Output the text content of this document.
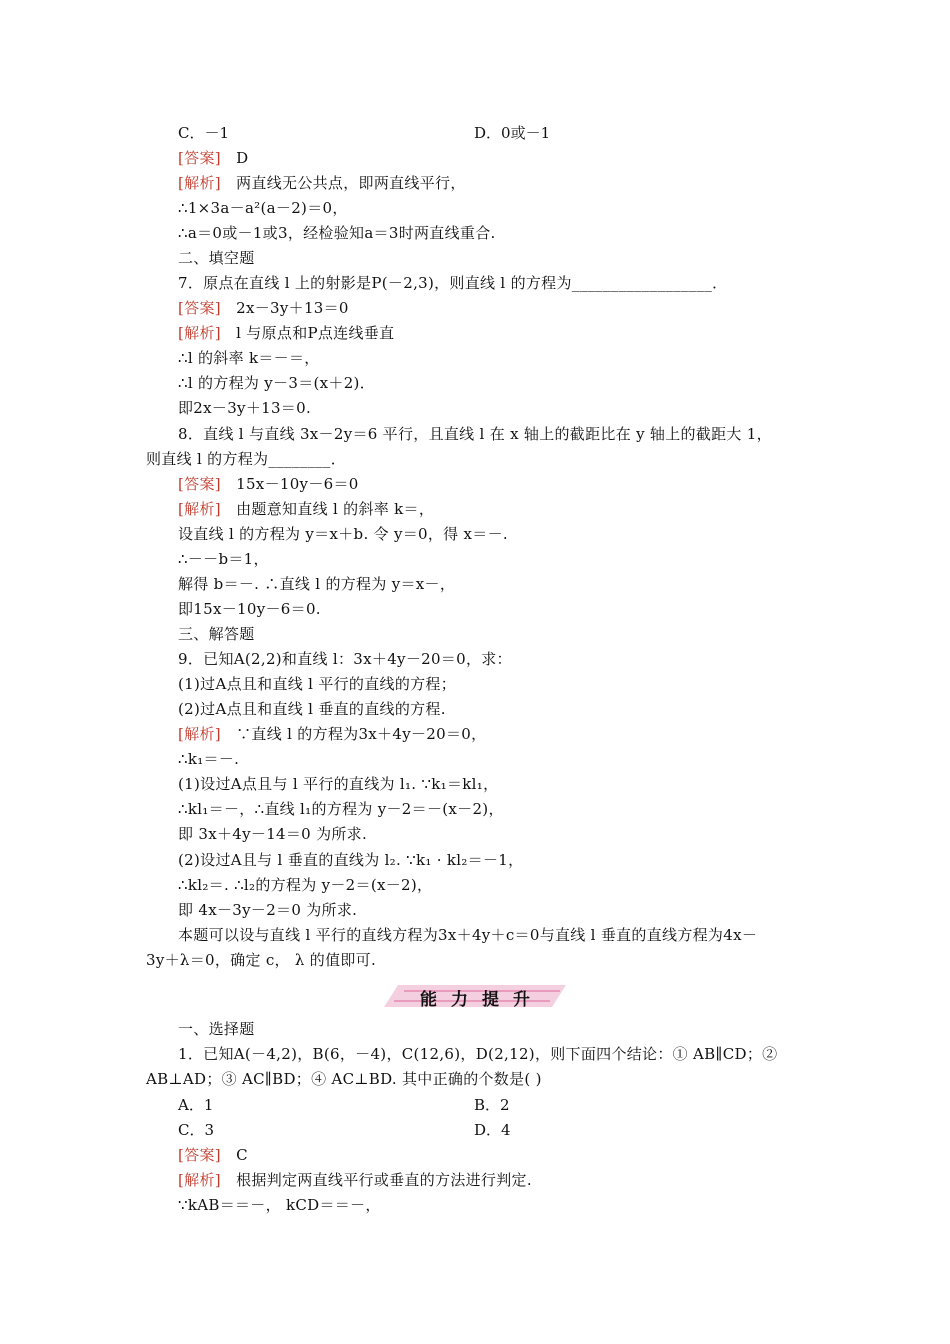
C．－1	D．0或－1
[答案] D
[解析] 两直线无公共点，即两直线平行，
∴1×3a－a²(a－2)＝0，
∴a＝0或－1或3，经检验知a＝3时两直线重合.
二、填空题
7．原点在直线 l 上的射影是P(－2,3)，则直线 l 的方程为__________________．
[答案] 2x－3y＋13＝0
[解析] l 与原点和P点连线垂直
∴l 的斜率 k＝－＝，
∴l 的方程为 y－3＝(x＋2)．
即2x－3y＋13＝0.
8．直线 l 与直线 3x－2y＝6 平行，且直线 l 在 x 轴上的截距比在 y 轴上的截距大 1，
则直线 l 的方程为________．
[答案] 15x－10y－6＝0
[解析] 由题意知直线 l 的斜率 k＝，
设直线 l 的方程为 y＝x＋b. 令 y＝0，得 x＝－.
∴－－b＝1，
解得 b＝－. ∴直线 l 的方程为 y＝x－，
即15x－10y－6＝0.
三、解答题
9．已知A(2,2)和直线 l：3x＋4y－20＝0，求：
(1)过A点且和直线 l 平行的直线的方程；
(2)过A点且和直线 l 垂直的直线的方程.
[解析] ∵直线 l 的方程为3x＋4y－20＝0，
∴k₁＝－.
(1)设过A点且与 l 平行的直线为 l₁. ∵k₁＝kl₁，
∴kl₁＝－，∴直线 l₁的方程为 y－2＝－(x－2)，
即 3x＋4y－14＝0 为所求.
(2)设过A且与 l 垂直的直线为 l₂. ∵k₁ · kl₂＝－1，
∴kl₂＝. ∴l₂的方程为 y－2＝(x－2)，
即 4x－3y－2＝0 为所求.
本题可以设与直线 l 平行的直线方程为3x＋4y＋c＝0与直线 l 垂直的直线方程为4x－
3y＋λ＝0，确定 c， λ 的值即可.
能力提升
一、选择题
1．已知A(－4,2)，B(6，－4)，C(12,6)，D(2,12)，则下面四个结论：① AB∥CD；②
AB⊥AD；③ AC∥BD；④ AC⊥BD. 其中正确的个数是( )
A．1	B．2
C．3	D．4
[答案] C
[解析] 根据判定两直线平行或垂直的方法进行判定.
∵kAB＝＝－， kCD＝＝－，
